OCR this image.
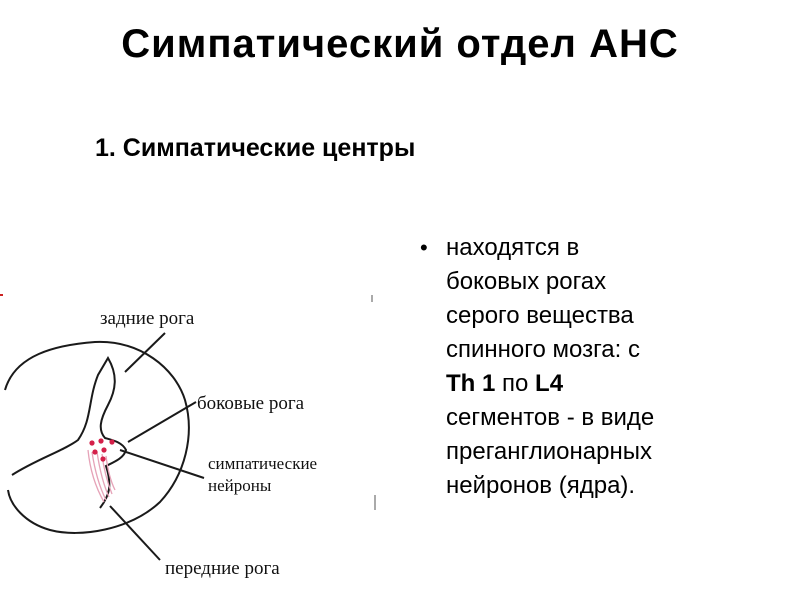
Симпатический отдел АНС
1. Симпатические центры
• находятся в
боковых рогах
серого вещества
спинного мозга: с
Th 1 по L4
сегментов - в виде
преганглионарных
нейронов (ядра).
задние рога
боковые рога
симпатические
нейроны
передние рога
